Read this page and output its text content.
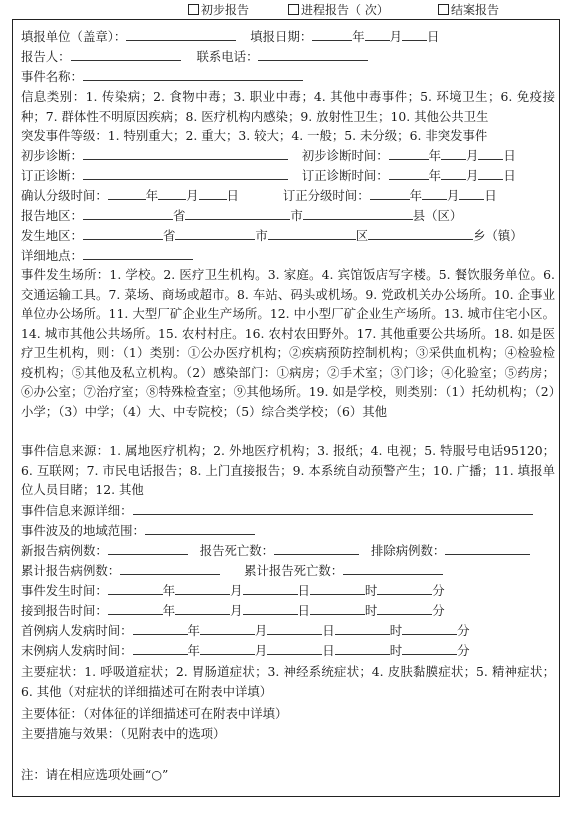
初步报告	进程报告（ 次）	结案报告
填报单位（盖章）：	填报日期：	年 月 日
报告人：	联系电话：
事件名称：
信息类别：1. 传染病；2. 食物中毒；3. 职业中毒；4. 其他中毒事件；5. 环境卫生；6. 免疫接种；7. 群体性不明原因疾病；8. 医疗机构内感染；9. 放射性卫生；10. 其他公共卫生
突发事件等级：1. 特别重大；2. 重大；3. 较大；4. 一般；5. 未分级；6. 非突发事件
初步诊断：	初步诊断时间：	年 月 日
订正诊断：	订正诊断时间：	年 月 日
确认分级时间：	年 月 日	订正分级时间：	年 月 日
报告地区：	省	市	县（区）
发生地区：	省	市	区	乡（镇）
详细地点：
事件发生场所：1. 学校。2. 医疗卫生机构。3. 家庭。4. 宾馆饭店写字楼。5. 餐饮服务单位。6. 交通运输工具。7. 菜场、商场或超市。8. 车站、码头或机场。9. 党政机关办公场所。10. 企事业单位办公场所。11. 大型厂矿企业生产场所。12. 中小型厂矿企业生产场所。13. 城市住宅小区。14. 城市其他公共场所。15. 农村村庄。16. 农村农田野外。17. 其他重要公共场所。18. 如是医疗卫生机构，则：（1）类别：①公办医疗机构；②疾病预防控制机构；③采供血机构；④检验检疫机构；⑤其他及私立机构。（2）感染部门：①病房；②手术室；③门诊；④化验室；⑤药房；⑥办公室；⑦治疗室；⑧特殊检查室；⑨其他场所。19. 如是学校，则类别：（1）托幼机构；（2）小学；（3）中学；（4）大、中专院校；（5）综合类学校；（6）其他
事件信息来源：1. 属地医疗机构；2. 外地医疗机构；3. 报纸；4. 电视；5. 特服号电话95120；6. 互联网；7. 市民电话报告；8. 上门直接报告；9. 本系统自动预警产生；10. 广播；11. 填报单位人员目睹；12. 其他
事件信息来源详细：
事件波及的地域范围：
新报告病例数：	报告死亡数：	排除病例数：
累计报告病例数：	累计报告死亡数：
事件发生时间：	年	月	日	时	分
接到报告时间：	年	月	日	时	分
首例病人发病时间：	年	月	日	时	分
末例病人发病时间：	年	月	日	时	分
主要症状：1. 呼吸道症状；2. 胃肠道症状；3. 神经系统症状；4. 皮肤黏膜症状；5. 精神症状；6. 其他（对症状的详细描述可在附表中详填）
主要体征：（对体征的详细描述可在附表中详填）
主要措施与效果：（见附表中的选项）
注：请在相应选项处画“○”
